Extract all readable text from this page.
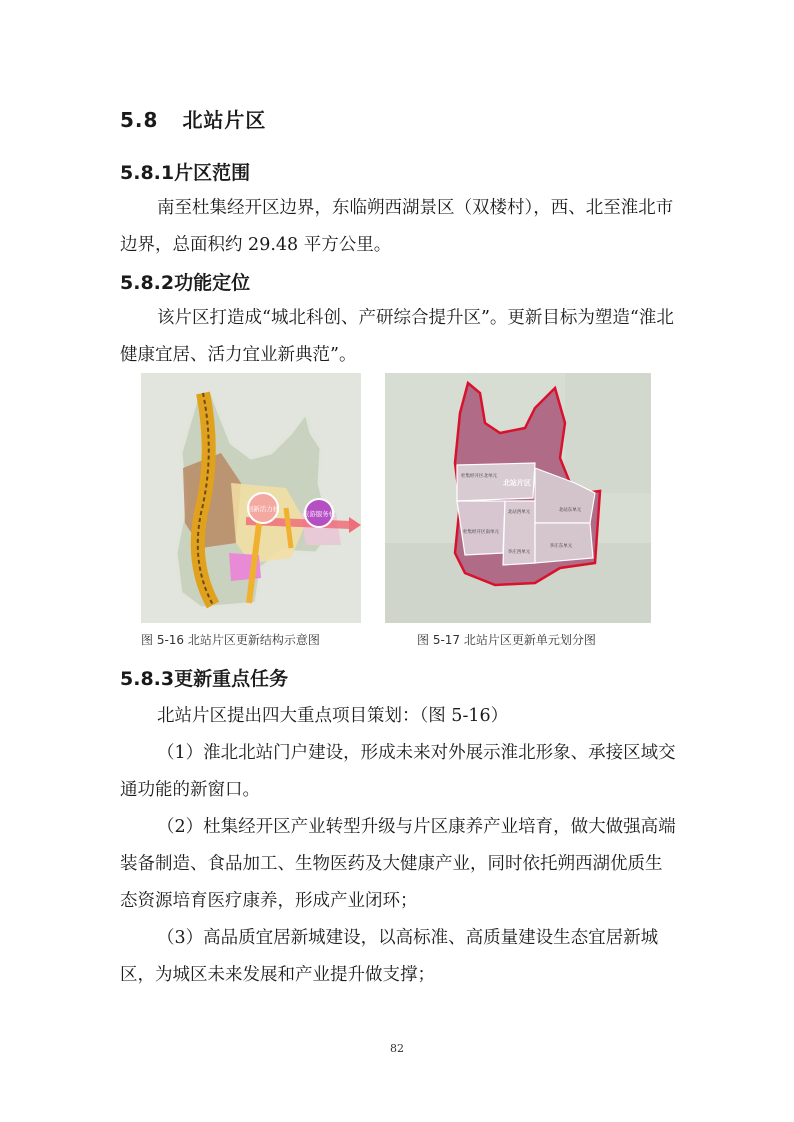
5.8 北站片区
5.8.1片区范围
南至杜集经开区边界，东临朔西湖景区（双楼村），西、北至淮北市边界，总面积约 29.48 平方公里。
5.8.2功能定位
该片区打造成“城北科创、产研综合提升区”。更新目标为塑造“淮北健康宜居、活力宜业新典范”。
创新活力核
旅游服务核
图 5-16 北站片区更新结构示意图
北站片区
杜集经开区北单元
北站西单元	北站东单元
杜集经开区南单元
李庄西单元
李庄东单元
图 5-17 北站片区更新单元划分图
5.8.3更新重点任务
北站片区提出四大重点项目策划：（图 5-16）
（1）淮北北站门户建设，形成未来对外展示淮北形象、承接区域交通功能的新窗口。
（2）杜集经开区产业转型升级与片区康养产业培育，做大做强高端装备制造、食品加工、生物医药及大健康产业，同时依托朔西湖优质生态资源培育医疗康养，形成产业闭环；
（3）高品质宜居新城建设，以高标准、高质量建设生态宜居新城区，为城区未来发展和产业提升做支撑；
82
